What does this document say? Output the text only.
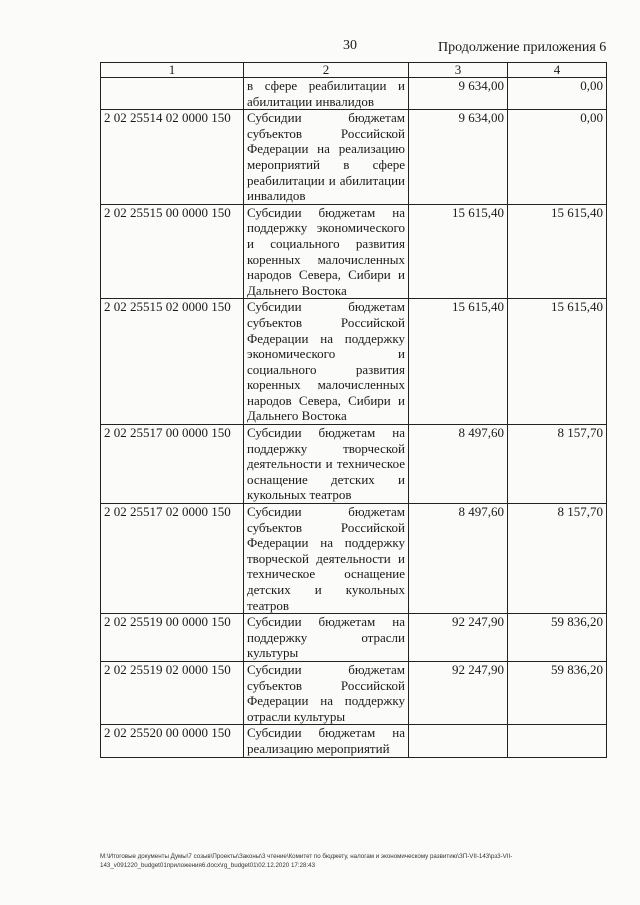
30	Продолжение приложения 6
1	2	3	4
	в сфере реабилитации и абилитации инвалидов	9 634,00	0,00
2 02 25514 02 0000 150	Субсидии бюджетам субъектов Российской Федерации на реализацию мероприятий в сфере реабилитации и абилитации инвалидов	9 634,00	0,00
2 02 25515 00 0000 150	Субсидии бюджетам на поддержку экономического и социального развития коренных малочисленных народов Севера, Сибири и Дальнего Востока	15 615,40	15 615,40
2 02 25515 02 0000 150	Субсидии бюджетам субъектов Российской Федерации на поддержку экономического и социального развития коренных малочисленных народов Севера, Сибири и Дальнего Востока	15 615,40	15 615,40
2 02 25517 00 0000 150	Субсидии бюджетам на поддержку творческой деятельности и техническое оснащение детских и кукольных театров	8 497,60	8 157,70
2 02 25517 02 0000 150	Субсидии бюджетам субъектов Российской Федерации на поддержку творческой деятельности и техническое оснащение детских и кукольных театров	8 497,60	8 157,70
2 02 25519 00 0000 150	Субсидии бюджетам на поддержку отрасли культуры	92 247,90	59 836,20
2 02 25519 02 0000 150	Субсидии бюджетам субъектов Российской Федерации на поддержку отрасли культуры	92 247,90	59 836,20
2 02 25520 00 0000 150	Субсидии бюджетам на реализацию мероприятий		
M:\Итоговые документы Думы\7 созыв\Проекты\Законы\3 чтение\Комитет по бюджету, налогам и экономическому развитию\ЗП-VII-143\рз3-VII-143_v091220_budget01приложения6.docx\rg_budget01\02.12.2020 17:28:43
